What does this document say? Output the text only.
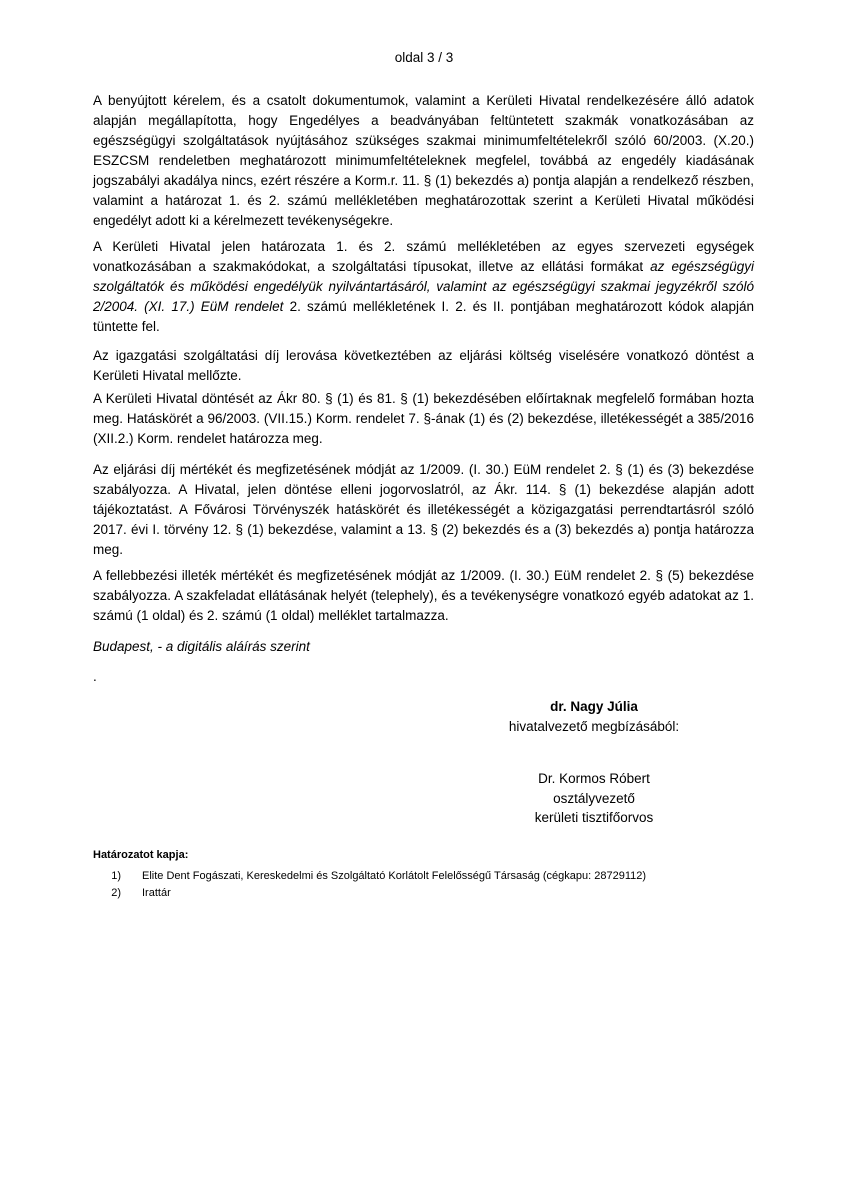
oldal 3 / 3

A benyújtott kérelem, és a csatolt dokumentumok, valamint a Kerületi Hivatal rendelkezésére álló adatok alapján megállapította, hogy Engedélyes a beadványában feltüntetett szakmák vonatkozásában az egészségügyi szolgáltatások nyújtásához szükséges szakmai minimumfeltételekről szóló 60/2003. (X.20.) ESZCSM rendeletben meghatározott minimumfeltételeknek megfelel, továbbá az engedély kiadásának jogszabályi akadálya nincs, ezért részére a Korm.r. 11. § (1) bekezdés a) pontja alapján a rendelkező részben, valamint a határozat 1. és 2. számú mellékletében meghatározottak szerint a Kerületi Hivatal működési engedélyt adott ki a kérelmezett tevékenységekre.

A Kerületi Hivatal jelen határozata 1. és 2. számú mellékletében az egyes szervezeti egységek vonatkozásában a szakmakódokat, a szolgáltatási típusokat, illetve az ellátási formákat az egészségügyi szolgáltatók és működési engedélyük nyilvántartásáról, valamint az egészségügyi szakmai jegyzékről szóló 2/2004. (XI. 17.) EüM rendelet 2. számú mellékletének I. 2. és II. pontjában meghatározott kódok alapján tüntette fel.

Az igazgatási szolgáltatási díj lerovása következtében az eljárási költség viselésére vonatkozó döntést a Kerületi Hivatal mellőzte.

A Kerületi Hivatal döntését az Ákr 80. § (1) és 81. § (1) bekezdésében előírtaknak megfelelő formában hozta meg. Hatáskörét a 96/2003. (VII.15.) Korm. rendelet 7. §-ának (1) és (2) bekezdése, illetékességét a 385/2016 (XII.2.) Korm. rendelet határozza meg.

Az eljárási díj mértékét és megfizetésének módját az 1/2009. (I. 30.) EüM rendelet 2. § (1) és (3) bekezdése szabályozza. A Hivatal, jelen döntése elleni jogorvoslatról, az Ákr. 114. § (1) bekezdése alapján adott tájékoztatást. A Fővárosi Törvényszék hatáskörét és illetékességét a közigazgatási perrendtartásról szóló 2017. évi I. törvény 12. § (1) bekezdése, valamint a 13. § (2) bekezdés és a (3) bekezdés a) pontja határozza meg.

A fellebbezési illeték mértékét és megfizetésének módját az 1/2009. (I. 30.) EüM rendelet 2. § (5) bekezdése szabályozza. A szakfeladat ellátásának helyét (telephely), és a tevékenységre vonatkozó egyéb adatokat az 1. számú (1 oldal) és 2. számú (1 oldal) melléklet tartalmazza.

Budapest, - a digitális aláírás szerint
.
dr. Nagy Júlia
hivatalvezető megbízásából:
Dr. Kormos Róbert
osztályvezető
kerületi tisztifőorvos
Határozatot kapja:
1)	Elite Dent Fogászati, Kereskedelmi és Szolgáltató Korlátolt Felelősségű Társaság (cégkapu: 28729112)
2)	Irattár
